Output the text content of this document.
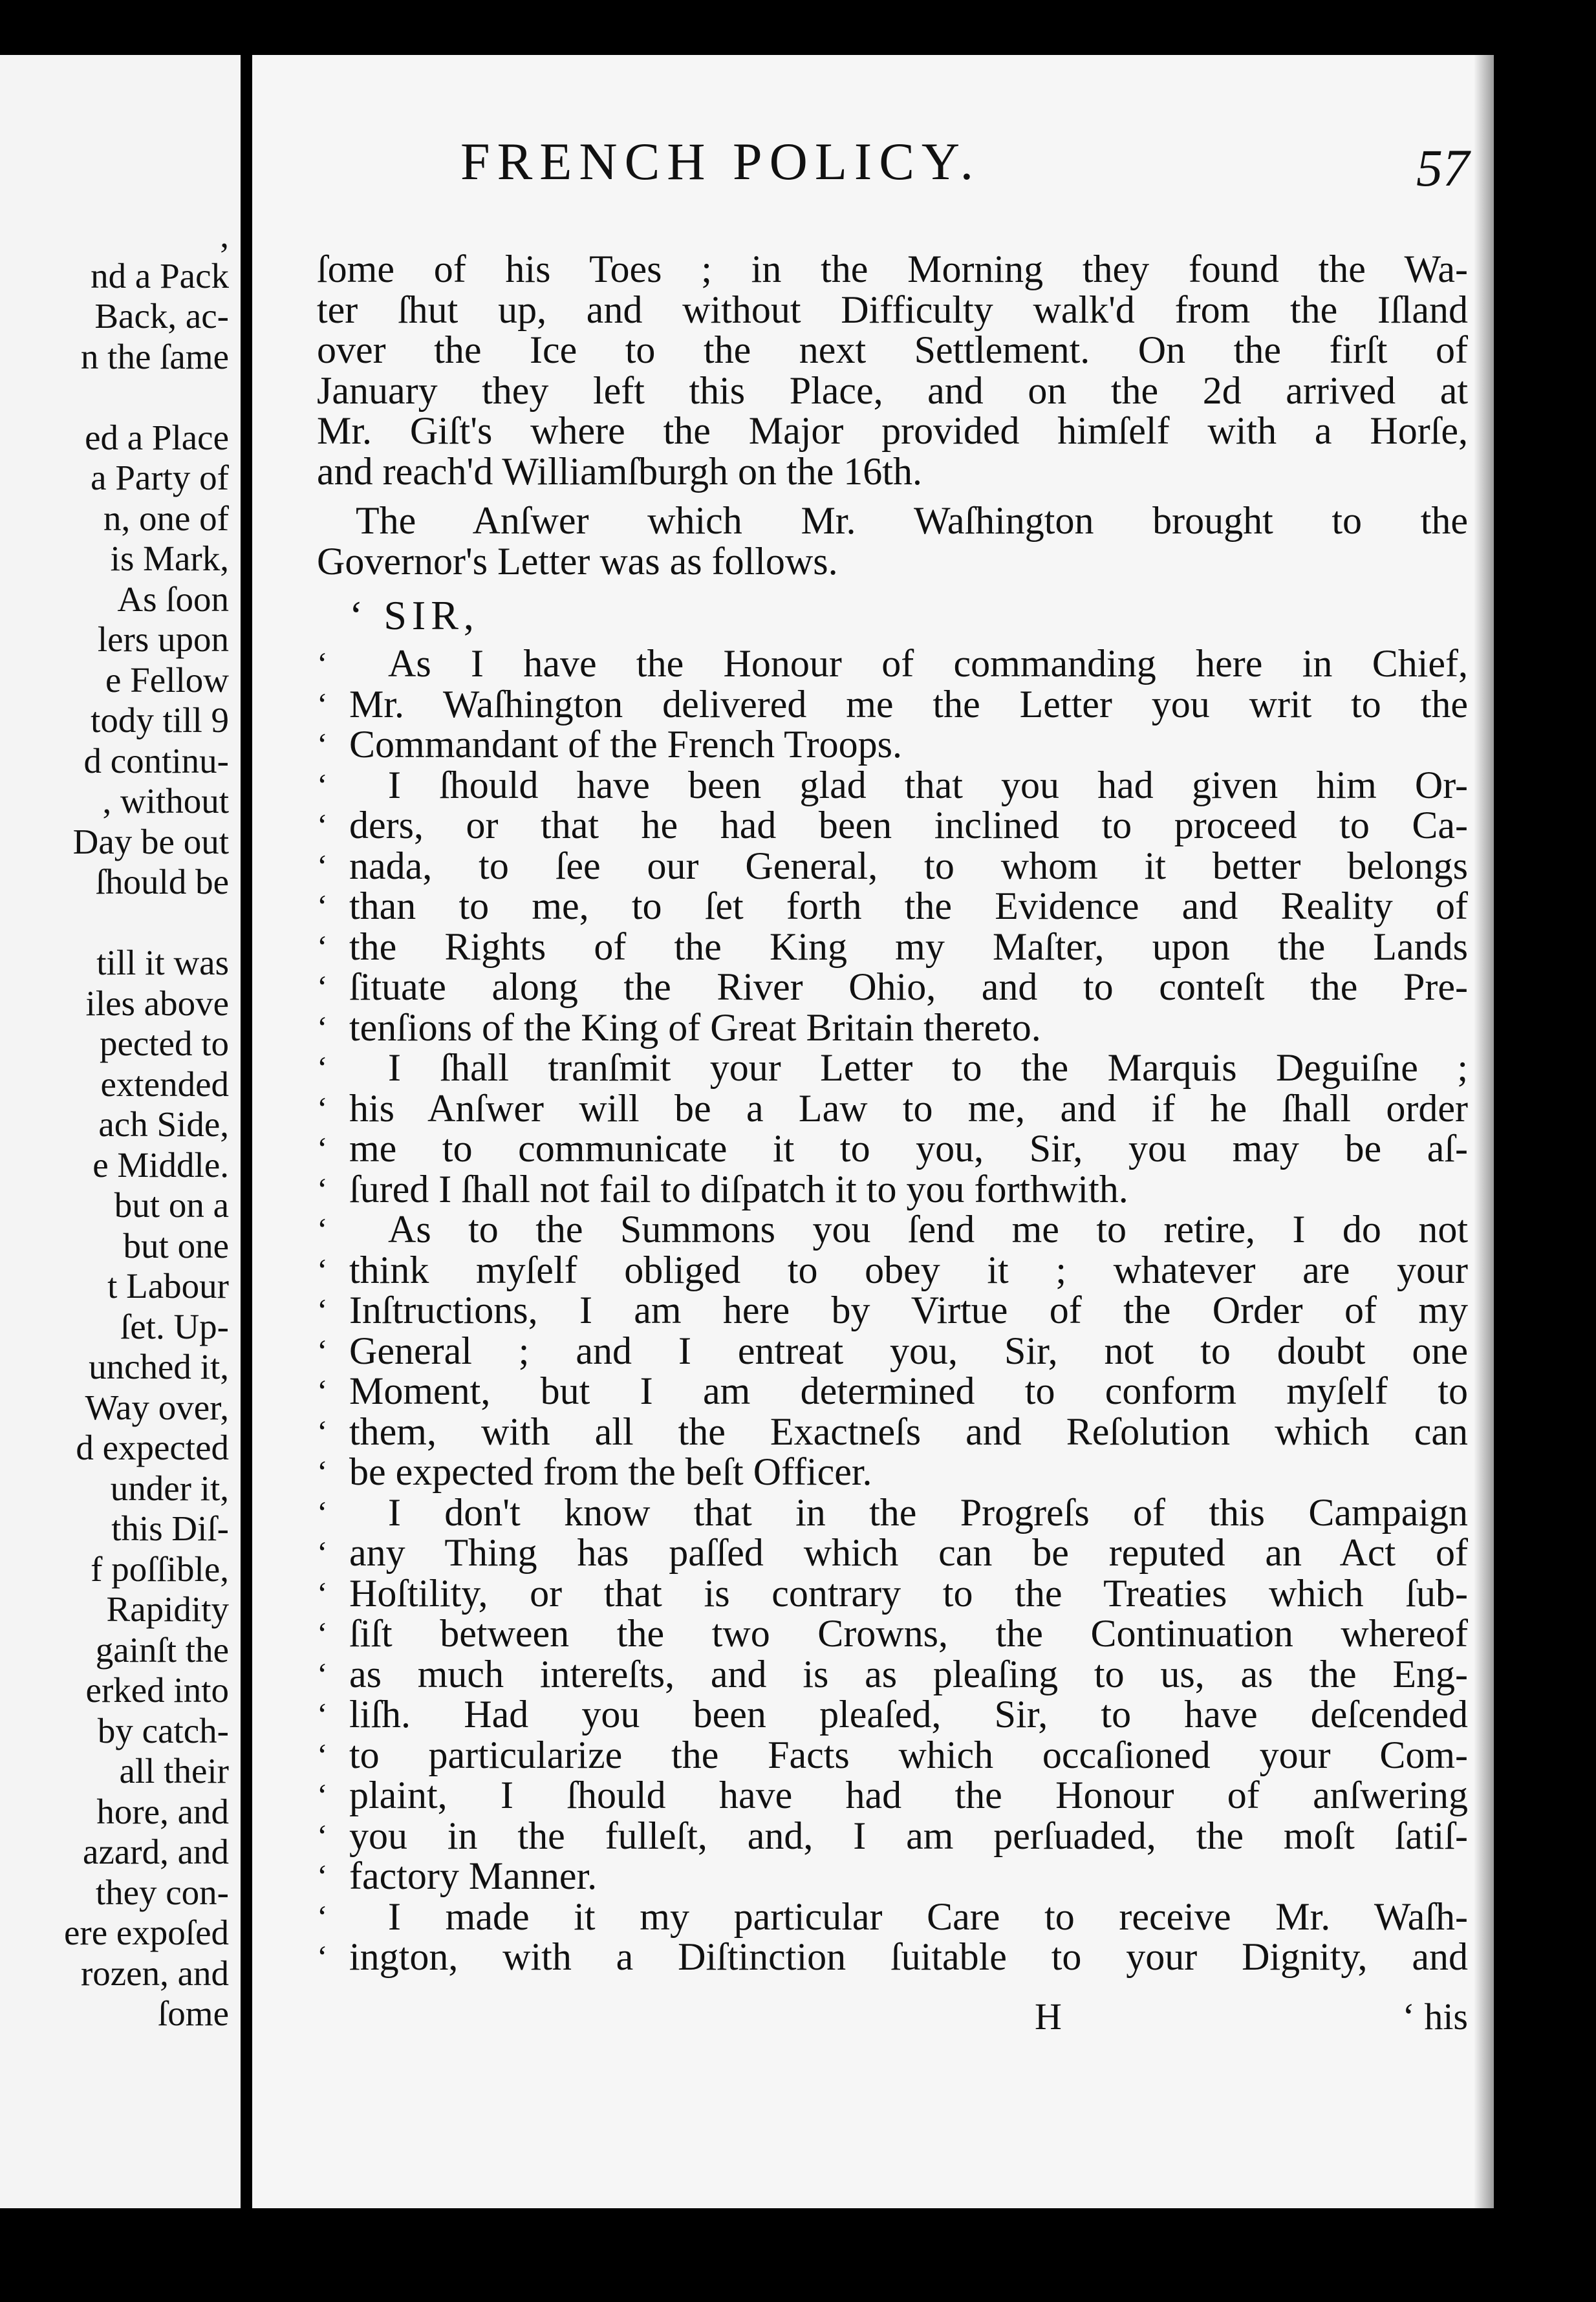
,
nd a Pack
Back, ac-
n the ſame

ed a Place
a Party of
n, one of
is Mark,
As ſoon
lers upon
e Fellow
tody till 9
d continu-
, without
Day be out
ſhould be

till it was
iles above
pected to
extended
ach Side,
e Middle.
but on a
but one
t Labour
ſet. Up-
unched it,
Way over,
d expected
under it,
this Diſ-
f poſſible,
Rapidity
gainſt the
erked into
by catch-
all their
hore, and
azard, and
they con-
ere expoſed
rozen, and
ſome
FRENCH POLICY.	57
ſome of his Toes ; in the Morning they found the Wa-
ter ſhut up, and without Difficulty walk'd from the Iſland
over the Ice to the next Settlement. On the firſt of
January they left this Place, and on the 2d arrived at
Mr. Giſt's where the Major provided himſelf with a Horſe,
and reach'd Williamſburgh on the 16th.
The Anſwer which Mr. Waſhington brought to the
Governor's Letter was as follows.
‘ SIR,
‘ As I have the Honour of commanding here in Chief,
‘ Mr. Waſhington delivered me the Letter you writ to the
‘ Commandant of the French Troops.
‘ I ſhould have been glad that you had given him Or-
‘ ders, or that he had been inclined to proceed to Ca-
‘ nada, to ſee our General, to whom it better belongs
‘ than to me, to ſet forth the Evidence and Reality of
‘ the Rights of the King my Maſter, upon the Lands
‘ ſituate along the River Ohio, and to conteſt the Pre-
‘ tenſions of the King of Great Britain thereto.
‘ I ſhall tranſmit your Letter to the Marquis Deguiſne ;
‘ his Anſwer will be a Law to me, and if he ſhall order
‘ me to communicate it to you, Sir, you may be aſ-
‘ ſured I ſhall not fail to diſpatch it to you forthwith.
‘ As to the Summons you ſend me to retire, I do not
‘ think myſelf obliged to obey it ; whatever are your
‘ Inſtructions, I am here by Virtue of the Order of my
‘ General ; and I entreat you, Sir, not to doubt one
‘ Moment, but I am determined to conform myſelf to
‘ them, with all the Exactneſs and Reſolution which can
‘ be expected from the beſt Officer.
‘ I don't know that in the Progreſs of this Campaign
‘ any Thing has paſſed which can be reputed an Act of
‘ Hoſtility, or that is contrary to the Treaties which ſub-
‘ ſiſt between the two Crowns, the Continuation whereof
‘ as much intereſts, and is as pleaſing to us, as the Eng-
‘ liſh. Had you been pleaſed, Sir, to have deſcended
‘ to particularize the Facts which occaſioned your Com-
‘ plaint, I ſhould have had the Honour of anſwering
‘ you in the fulleſt, and, I am perſuaded, the moſt ſatiſ-
‘ factory Manner.
‘ I made it my particular Care to receive Mr. Waſh-
‘ ington, with a Diſtinction ſuitable to your Dignity, and
H	‘ his
